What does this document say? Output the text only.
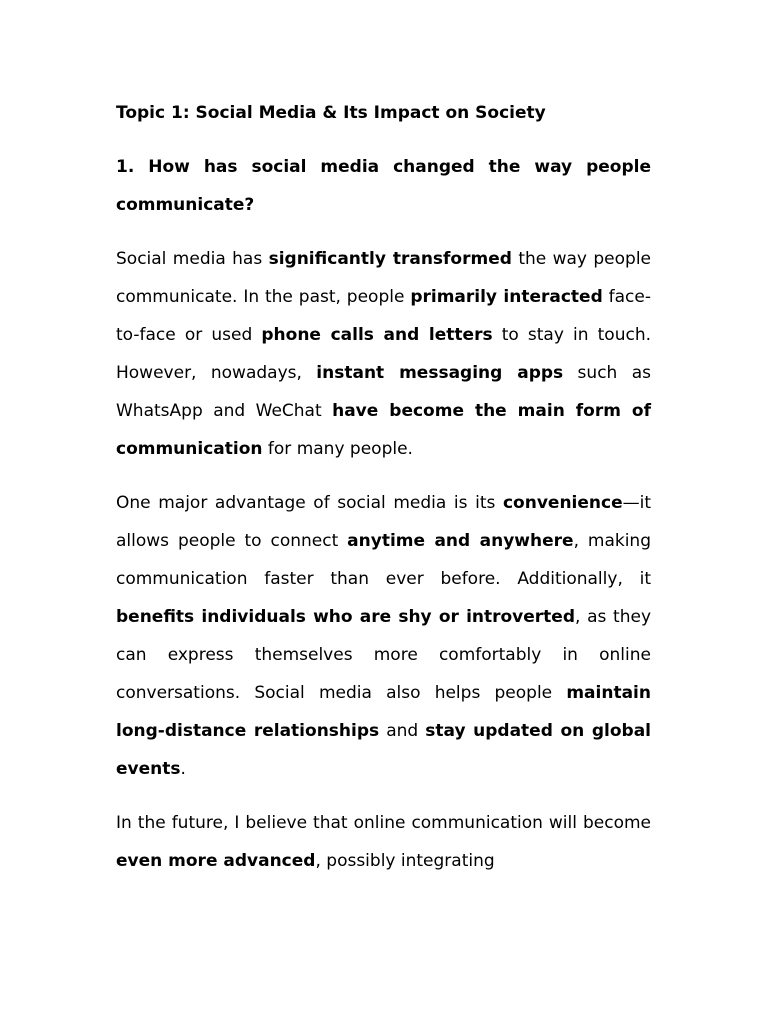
Topic 1: Social Media & Its Impact on Society
1. How has social media changed the way people communicate?

Social media has significantly transformed the way people communicate. In the past, people primarily interacted face-to-face or used phone calls and letters to stay in touch. However, nowadays, instant messaging apps such as WhatsApp and WeChat have become the main form of communication for many people.

One major advantage of social media is its convenience—it allows people to connect anytime and anywhere, making communication faster than ever before. Additionally, it benefits individuals who are shy or introverted, as they can express themselves more comfortably in online conversations. Social media also helps people maintain long-distance relationships and stay updated on global events.

In the future, I believe that online communication will become even more advanced, possibly integrating
